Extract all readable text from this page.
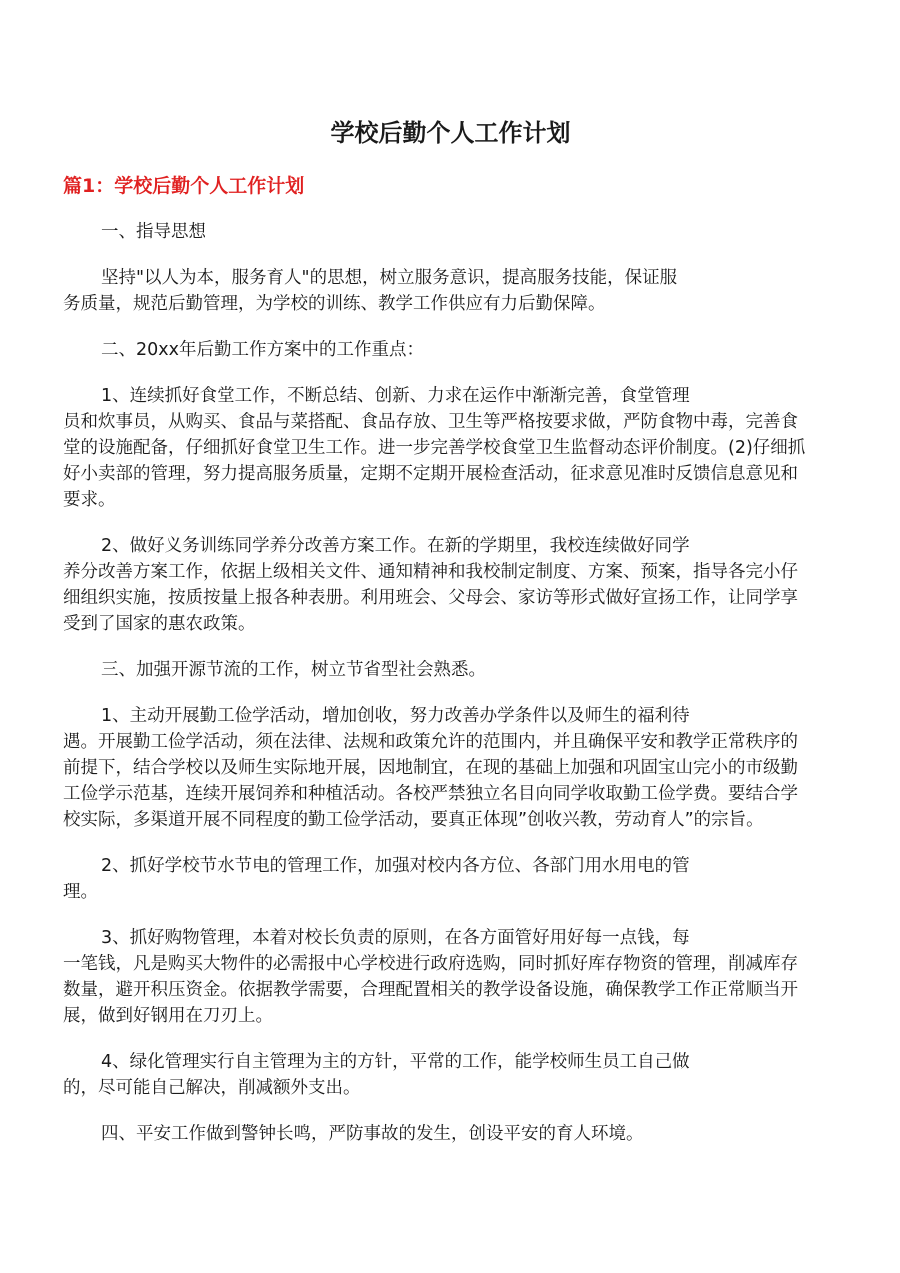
学校后勤个人工作计划
篇1：学校后勤个人工作计划
一、指导思想
坚持"以人为本，服务育人"的思想，树立服务意识，提高服务技能，保证服
务质量，规范后勤管理，为学校的训练、教学工作供应有力后勤保障。
二、20xx年后勤工作方案中的工作重点：
1、连续抓好食堂工作，不断总结、创新、力求在运作中渐渐完善，食堂管理
员和炊事员，从购买、食品与菜搭配、食品存放、卫生等严格按要求做，严防食物中毒，完善食
堂的设施配备，仔细抓好食堂卫生工作。进一步完善学校食堂卫生监督动态评价制度。(2)仔细抓
好小卖部的管理，努力提高服务质量，定期不定期开展检查活动，征求意见准时反馈信息意见和
要求。
2、做好义务训练同学养分改善方案工作。在新的学期里，我校连续做好同学
养分改善方案工作，依据上级相关文件、通知精神和我校制定制度、方案、预案，指导各完小仔
细组织实施，按质按量上报各种表册。利用班会、父母会、家访等形式做好宣扬工作，让同学享
受到了国家的惠农政策。
三、加强开源节流的工作，树立节省型社会熟悉。
1、主动开展勤工俭学活动，增加创收，努力改善办学条件以及师生的福利待
遇。开展勤工俭学活动，须在法律、法规和政策允许的范围内，并且确保平安和教学正常秩序的
前提下，结合学校以及师生实际地开展，因地制宜，在现的基础上加强和巩固宝山完小的市级勤
工俭学示范基，连续开展饲养和种植活动。各校严禁独立名目向同学收取勤工俭学费。要结合学
校实际，多渠道开展不同程度的勤工俭学活动，要真正体现”创收兴教，劳动育人”的宗旨。
2、抓好学校节水节电的管理工作，加强对校内各方位、各部门用水用电的管
理。
3、抓好购物管理，本着对校长负责的原则，在各方面管好用好每一点钱，每
一笔钱，凡是购买大物件的必需报中心学校进行政府选购，同时抓好库存物资的管理，削减库存
数量，避开积压资金。依据教学需要，合理配置相关的教学设备设施，确保教学工作正常顺当开
展，做到好钢用在刀刃上。
4、绿化管理实行自主管理为主的方针，平常的工作，能学校师生员工自己做
的，尽可能自己解决，削减额外支出。
四、平安工作做到警钟长鸣，严防事故的发生，创设平安的育人环境。
